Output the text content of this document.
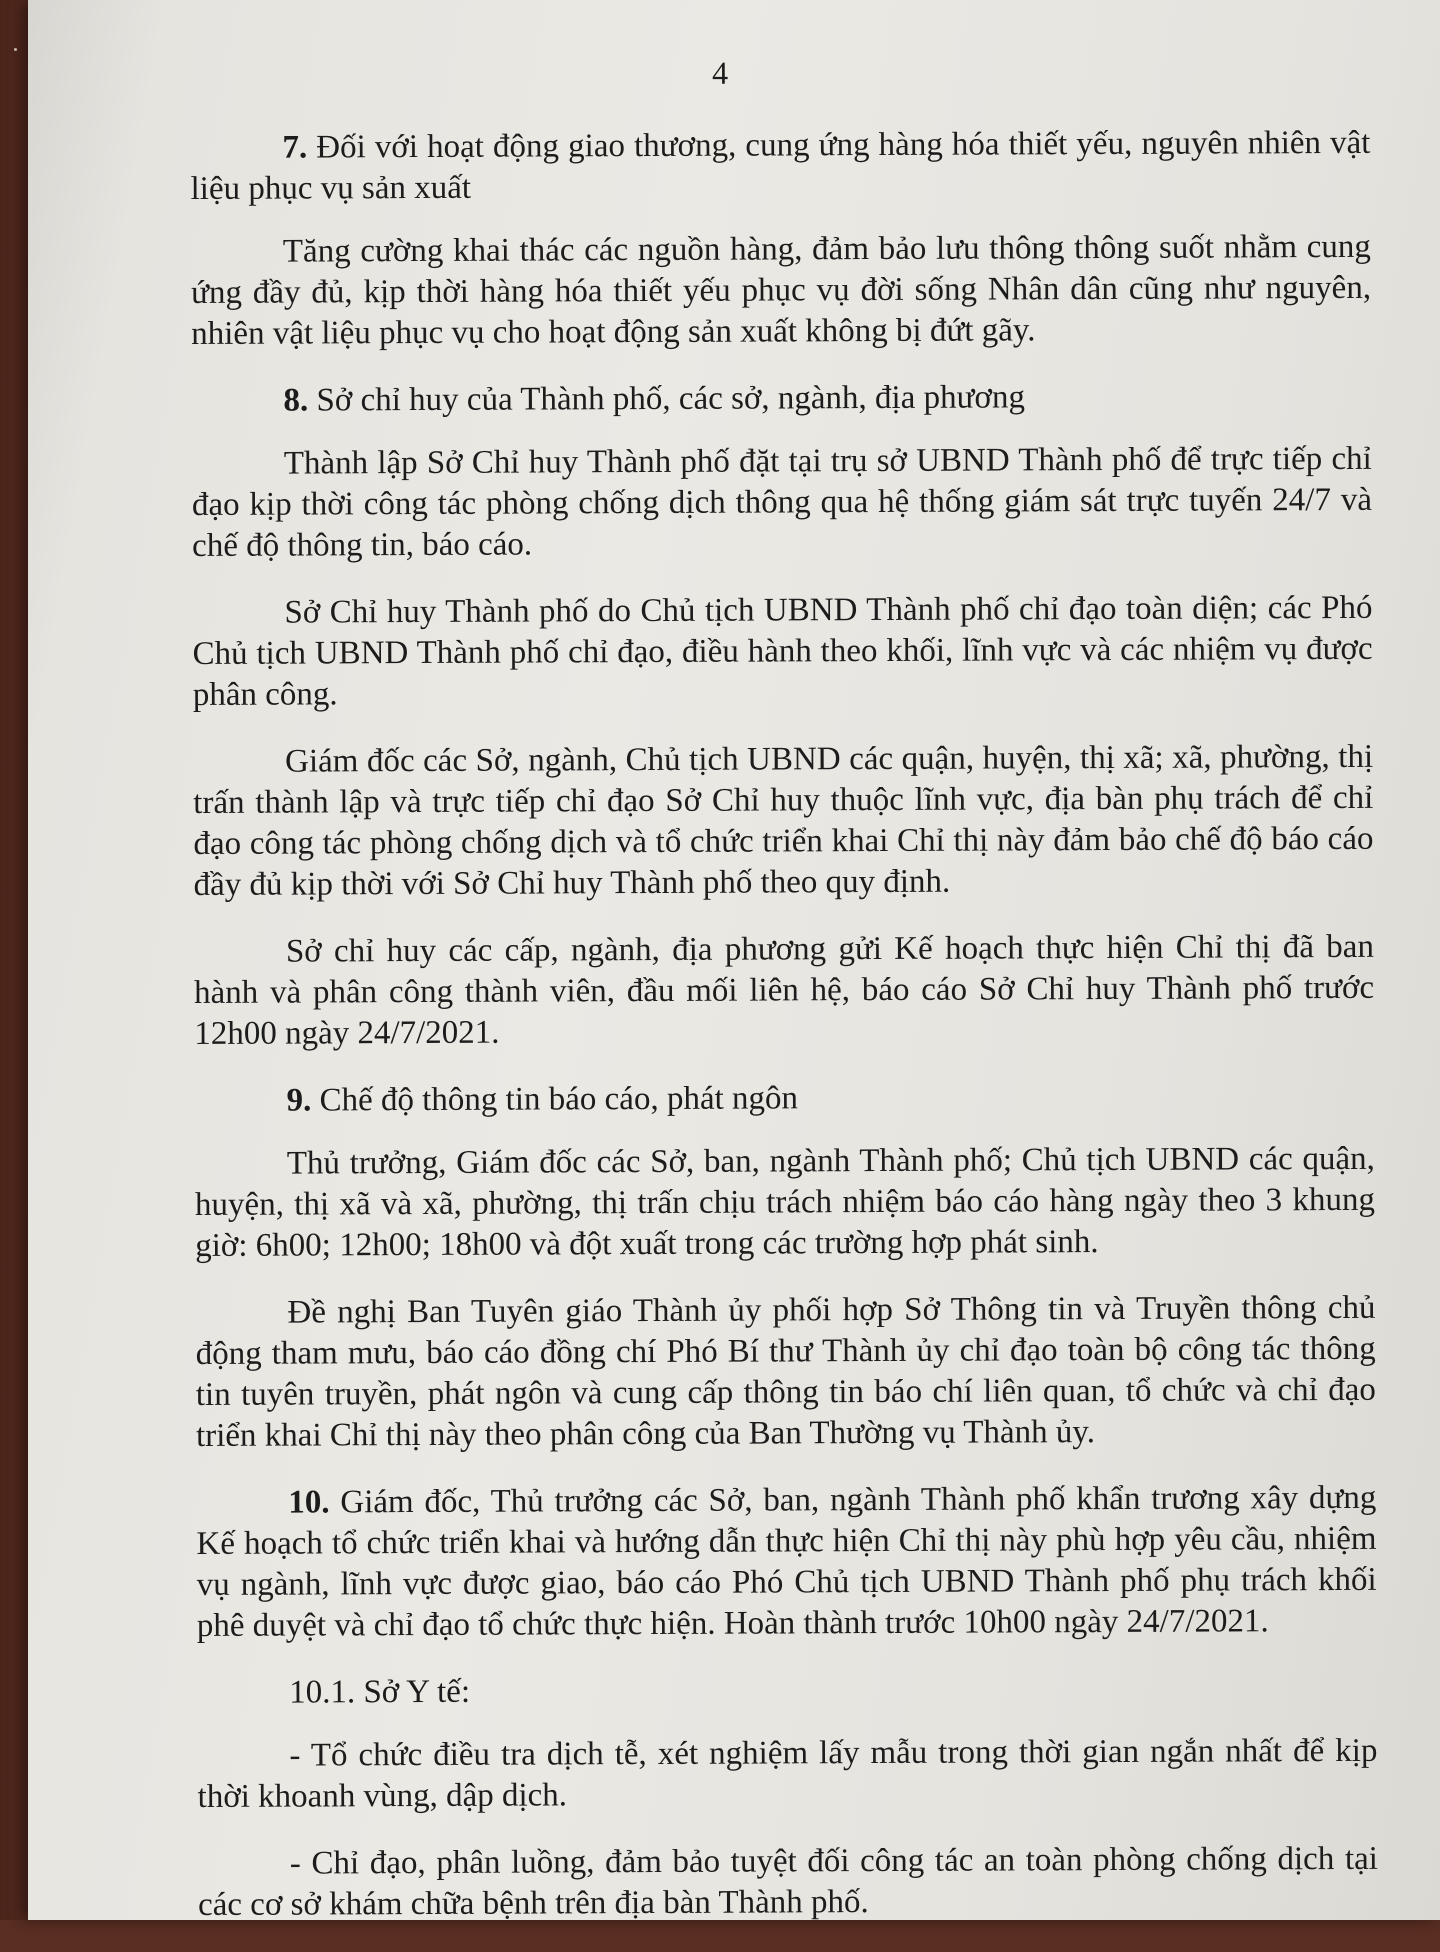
4

7. Đối với hoạt động giao thương, cung ứng hàng hóa thiết yếu, nguyên nhiên vật liệu phục vụ sản xuất

Tăng cường khai thác các nguồn hàng, đảm bảo lưu thông thông suốt nhằm cung ứng đầy đủ, kịp thời hàng hóa thiết yếu phục vụ đời sống Nhân dân cũng như nguyên, nhiên vật liệu phục vụ cho hoạt động sản xuất không bị đứt gãy.

8. Sở chỉ huy của Thành phố, các sở, ngành, địa phương

Thành lập Sở Chỉ huy Thành phố đặt tại trụ sở UBND Thành phố để trực tiếp chỉ đạo kịp thời công tác phòng chống dịch thông qua hệ thống giám sát trực tuyến 24/7 và chế độ thông tin, báo cáo.

Sở Chỉ huy Thành phố do Chủ tịch UBND Thành phố chỉ đạo toàn diện; các Phó Chủ tịch UBND Thành phố chỉ đạo, điều hành theo khối, lĩnh vực và các nhiệm vụ được phân công.

Giám đốc các Sở, ngành, Chủ tịch UBND các quận, huyện, thị xã; xã, phường, thị trấn thành lập và trực tiếp chỉ đạo Sở Chỉ huy thuộc lĩnh vực, địa bàn phụ trách để chỉ đạo công tác phòng chống dịch và tổ chức triển khai Chỉ thị này đảm bảo chế độ báo cáo đầy đủ kịp thời với Sở Chỉ huy Thành phố theo quy định.

Sở chỉ huy các cấp, ngành, địa phương gửi Kế hoạch thực hiện Chỉ thị đã ban hành và phân công thành viên, đầu mối liên hệ, báo cáo Sở Chỉ huy Thành phố trước 12h00 ngày 24/7/2021.

9. Chế độ thông tin báo cáo, phát ngôn

Thủ trưởng, Giám đốc các Sở, ban, ngành Thành phố; Chủ tịch UBND các quận, huyện, thị xã và xã, phường, thị trấn chịu trách nhiệm báo cáo hàng ngày theo 3 khung giờ: 6h00; 12h00; 18h00 và đột xuất trong các trường hợp phát sinh.

Đề nghị Ban Tuyên giáo Thành ủy phối hợp Sở Thông tin và Truyền thông chủ động tham mưu, báo cáo đồng chí Phó Bí thư Thành ủy chỉ đạo toàn bộ công tác thông tin tuyên truyền, phát ngôn và cung cấp thông tin báo chí liên quan, tổ chức và chỉ đạo triển khai Chỉ thị này theo phân công của Ban Thường vụ Thành ủy.

10. Giám đốc, Thủ trưởng các Sở, ban, ngành Thành phố khẩn trương xây dựng Kế hoạch tổ chức triển khai và hướng dẫn thực hiện Chỉ thị này phù hợp yêu cầu, nhiệm vụ ngành, lĩnh vực được giao, báo cáo Phó Chủ tịch UBND Thành phố phụ trách khối phê duyệt và chỉ đạo tổ chức thực hiện. Hoàn thành trước 10h00 ngày 24/7/2021.

10.1. Sở Y tế:

- Tổ chức điều tra dịch tễ, xét nghiệm lấy mẫu trong thời gian ngắn nhất để kịp thời khoanh vùng, dập dịch.

- Chỉ đạo, phân luồng, đảm bảo tuyệt đối công tác an toàn phòng chống dịch tại các cơ sở khám chữa bệnh trên địa bàn Thành phố.
